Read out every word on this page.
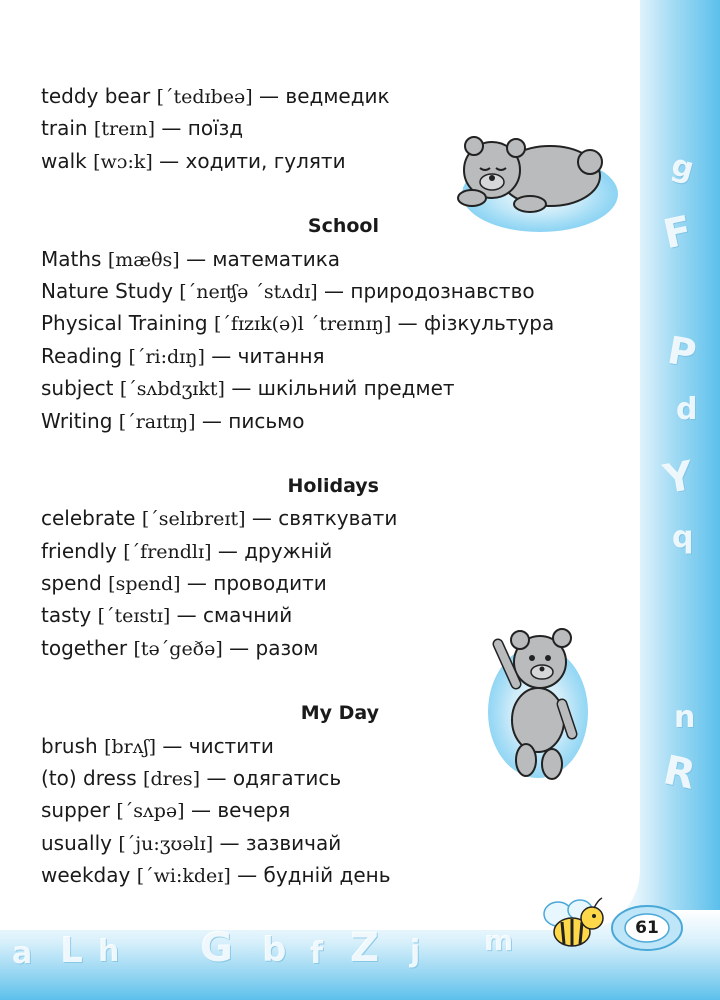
g
F
P
d
Y
q
n
R
a L h G b f Z j m	61
teddy bear [ˊtedɪbeə] — ведмедик
train [treɪn] — поїзд
walk [wɔ:k] — ходити, гуляти
School
Maths [mæθs] — математика
Nature Study [ˊneɪʧə ˊstʌdɪ] — природознавство
Physical Training [ˊfɪzɪk(ə)l ˊtreɪnɪŋ] — фізкультура
Reading [ˊri:dɪŋ] — читання
subject [ˊsʌbdʒɪkt] — шкільний предмет
Writing [ˊraɪtɪŋ] — письмо
Holidays
celebrate [ˊselɪbreɪt] — святкувати
friendly [ˊfrendlɪ] — дружній
spend [spend] — проводити
tasty [ˊteɪstɪ] — смачний
together [təˊgeðə] — разом
My Day
brush [brʌʃ] — чистити
(to) dress [dres] — одягатись
supper [ˊsʌpə] — вечеря
usually [ˊju:ʒʊəlɪ] — зазвичай
weekday [ˊwi:kdeɪ] — будній день
